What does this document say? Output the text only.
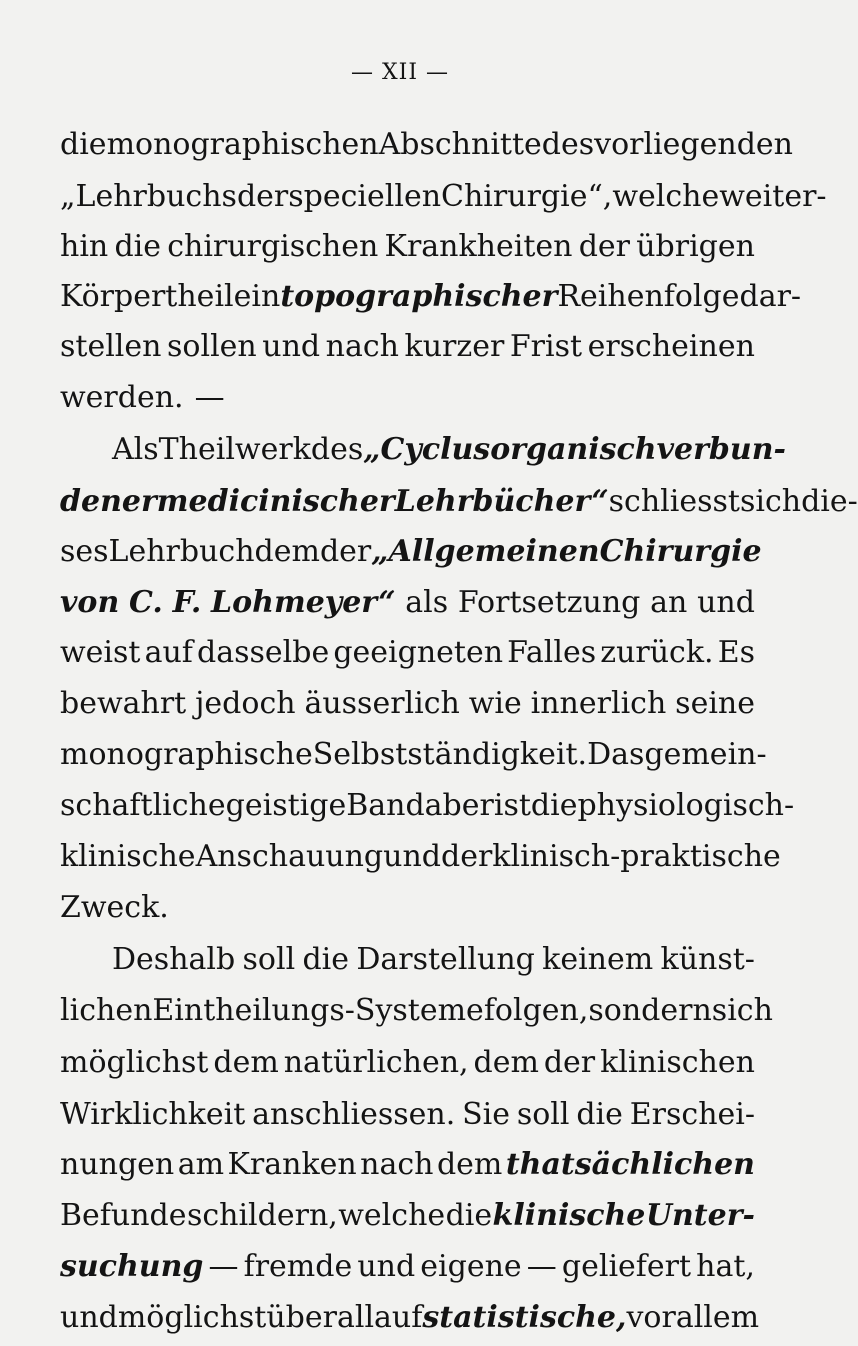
— XII —
die monographischen Abschnitte des vorliegenden
„Lehrbuchs der speciellen Chirurgie“, welche weiter-
hin die chirurgischen Krankheiten der übrigen
Körpertheile in topographischer Reihenfolge dar-
stellen sollen und nach kurzer Frist erscheinen
werden. —
Als Theilwerk des „Cyclus organisch verbun-
dener medicinischer Lehrbücher“ schliesst sich die-
ses Lehrbuch dem der „Allgemeinen Chirurgie
von C. F. Lohmeyer“ als Fortsetzung an und
weist auf dasselbe geeigneten Falles zurück. Es
bewahrt jedoch äusserlich wie innerlich seine
monographische Selbstständigkeit. Das gemein-
schaftliche geistige Band aber ist die physiologisch-
klinische Anschauung und der klinisch-praktische
Zweck.
Deshalb soll die Darstellung keinem künst-
lichen Eintheilungs-Systeme folgen, sondern sich
möglichst dem natürlichen, dem der klinischen
Wirklichkeit anschliessen. Sie soll die Erschei-
nungen am Kranken nach dem thatsächlichen
Befunde schildern, welche die klinische Unter-
suchung — fremde und eigene — geliefert hat,
und möglichst überall auf statistische, vor allem
